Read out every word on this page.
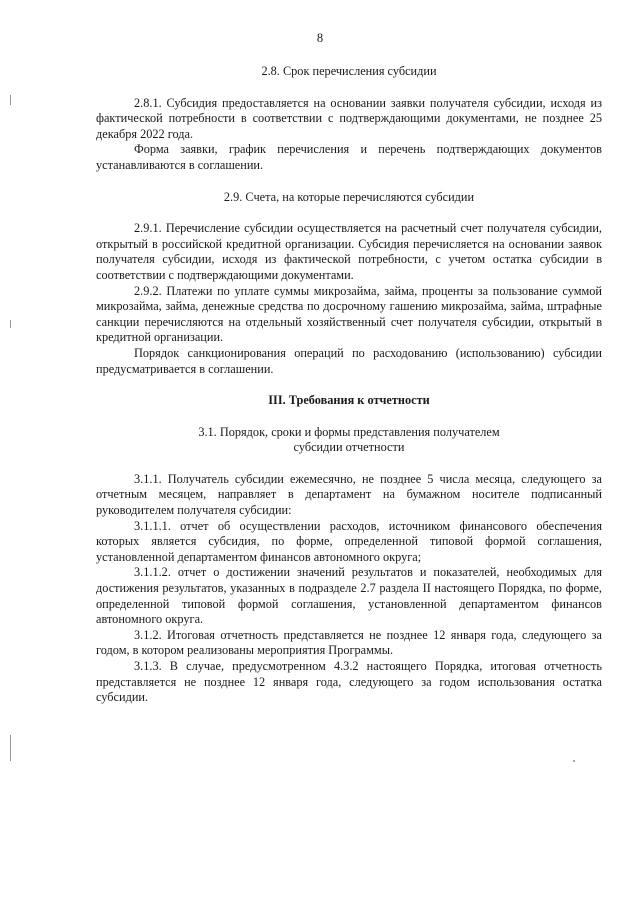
8
2.8. Срок перечисления субсидии

2.8.1. Субсидия предоставляется на основании заявки получателя субсидии, исходя из фактической потребности в соответствии с подтверждающими документами, не позднее 25 декабря 2022 года.

Форма заявки, график перечисления и перечень подтверждающих документов устанавливаются в соглашении.

2.9. Счета, на которые перечисляются субсидии

2.9.1. Перечисление субсидии осуществляется на расчетный счет получателя субсидии, открытый в российской кредитной организации. Субсидия перечисляется на основании заявок получателя субсидии, исходя из фактической потребности, с учетом остатка субсидии в соответствии с подтверждающими документами.

2.9.2. Платежи по уплате суммы микрозайма, займа, проценты за пользование суммой микрозайма, займа, денежные средства по досрочному гашению микрозайма, займа, штрафные санкции перечисляются на отдельный хозяйственный счет получателя субсидии, открытый в кредитной организации.

Порядок санкционирования операций по расходованию (использованию) субсидии предусматривается в соглашении.

III. Требования к отчетности
3.1. Порядок, сроки и формы представления получателем
субсидии отчетности

3.1.1. Получатель субсидии ежемесячно, не позднее 5 числа месяца, следующего за отчетным месяцем, направляет в департамент на бумажном носителе подписанный руководителем получателя субсидии:

3.1.1.1. отчет об осуществлении расходов, источником финансового обеспечения которых является субсидия, по форме, определенной типовой формой соглашения, установленной департаментом финансов автономного округа;

3.1.1.2. отчет о достижении значений результатов и показателей, необходимых для достижения результатов, указанных в подразделе 2.7 раздела II настоящего Порядка, по форме, определенной типовой формой соглашения, установленной департаментом финансов автономного округа.

3.1.2. Итоговая отчетность представляется не позднее 12 января года, следующего за годом, в котором реализованы мероприятия Программы.

3.1.3. В случае, предусмотренном 4.3.2 настоящего Порядка, итоговая отчетность представляется не позднее 12 января года, следующего за годом использования остатка субсидии.
